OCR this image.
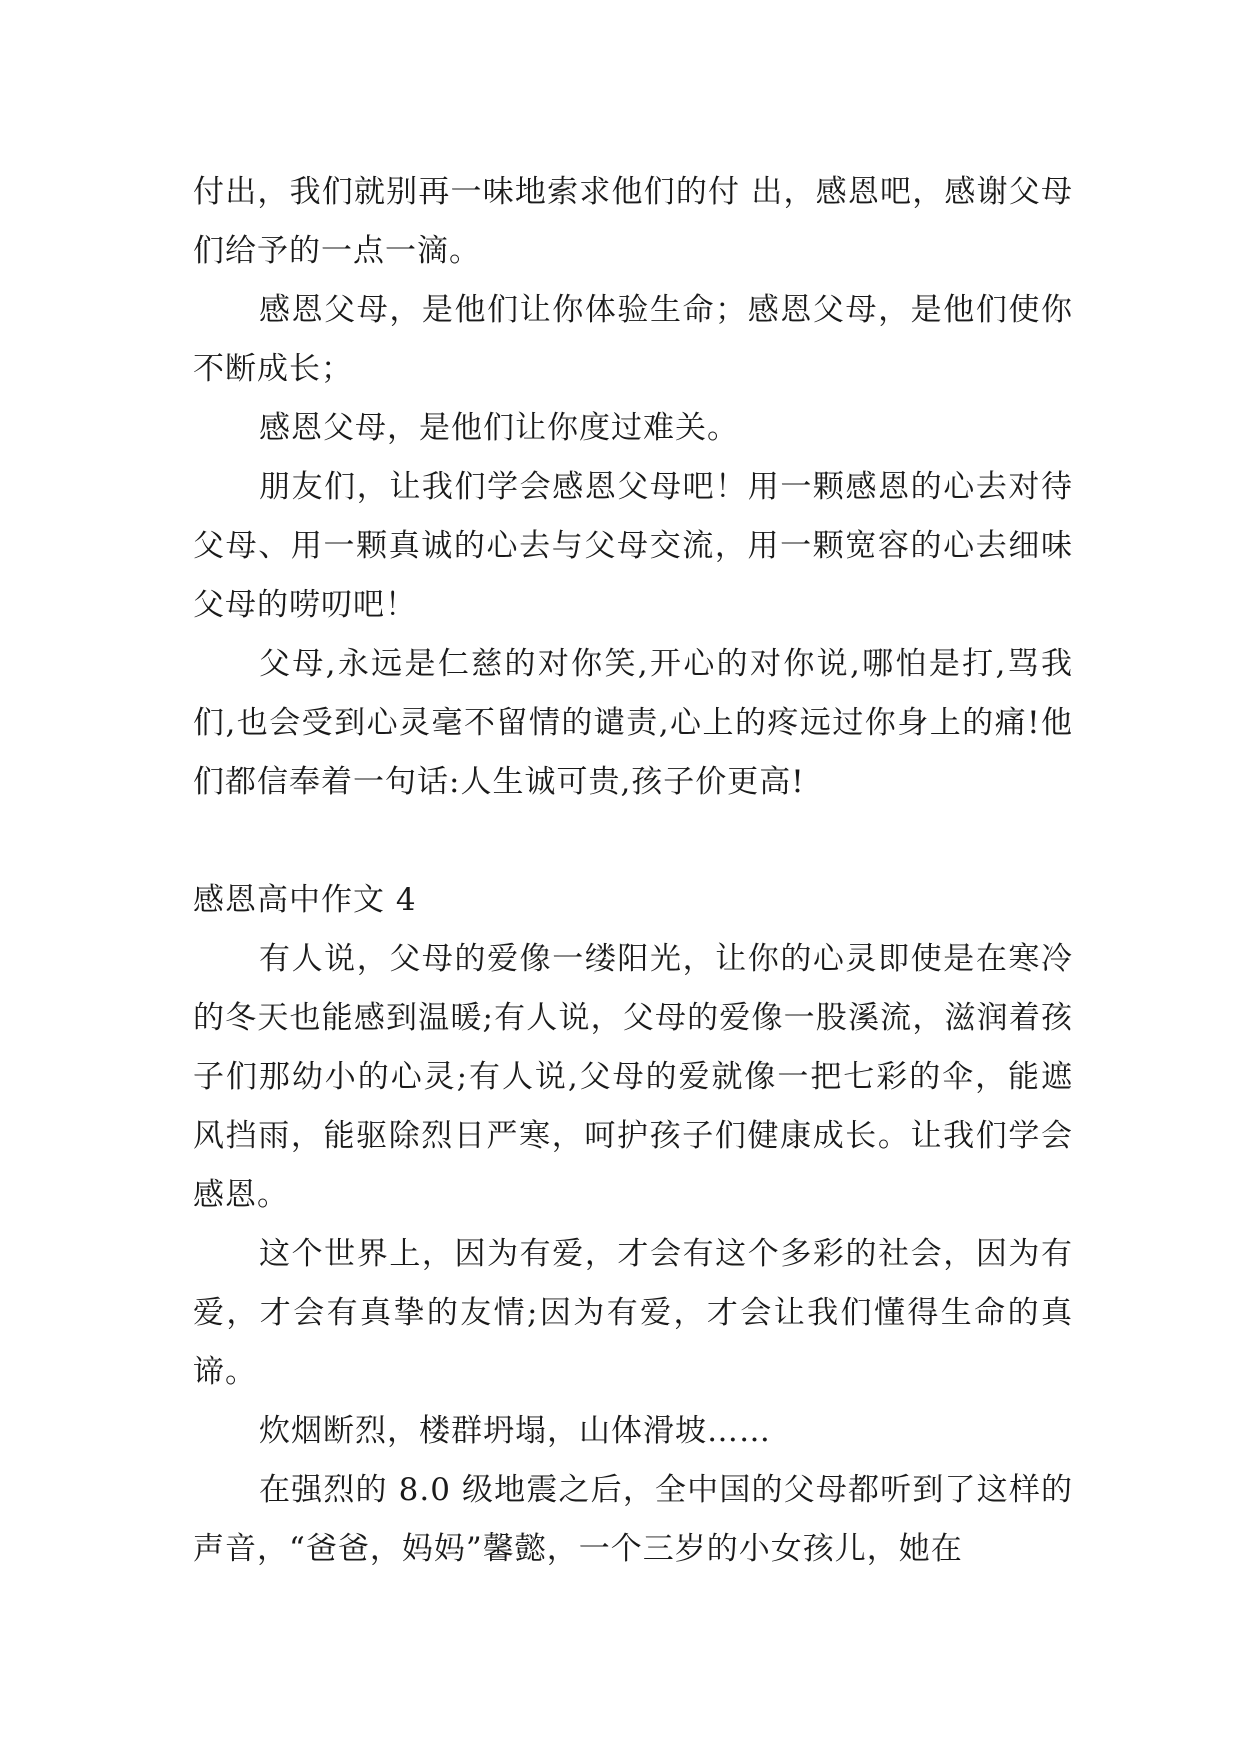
付出，我们就别再一味地索求他们的付 出，感恩吧，感谢父母们给予的一点一滴。

感恩父母，是他们让你体验生命；感恩父母，是他们使你不断成长；

感恩父母，是他们让你度过难关。

朋友们，让我们学会感恩父母吧！用一颗感恩的心去对待父母、用一颗真诚的心去与父母交流，用一颗宽容的心去细味父母的唠叨吧！

父母,永远是仁慈的对你笑,开心的对你说,哪怕是打,骂我们,也会受到心灵毫不留情的谴责,心上的疼远过你身上的痛!他们都信奉着一句话:人生诚可贵,孩子价更高!

感恩高中作文 4

有人说，父母的爱像一缕阳光，让你的心灵即使是在寒冷的冬天也能感到温暖;有人说，父母的爱像一股溪流，滋润着孩子们那幼小的心灵;有人说,父母的爱就像一把七彩的伞，能遮风挡雨，能驱除烈日严寒，呵护孩子们健康成长。让我们学会感恩。

这个世界上，因为有爱，才会有这个多彩的社会，因为有爱，才会有真挚的友情;因为有爱，才会让我们懂得生命的真谛。

炊烟断烈，楼群坍塌，山体滑坡……

在强烈的 8.0 级地震之后，全中国的父母都听到了这样的声音，“爸爸，妈妈”馨懿，一个三岁的小女孩儿，她在
